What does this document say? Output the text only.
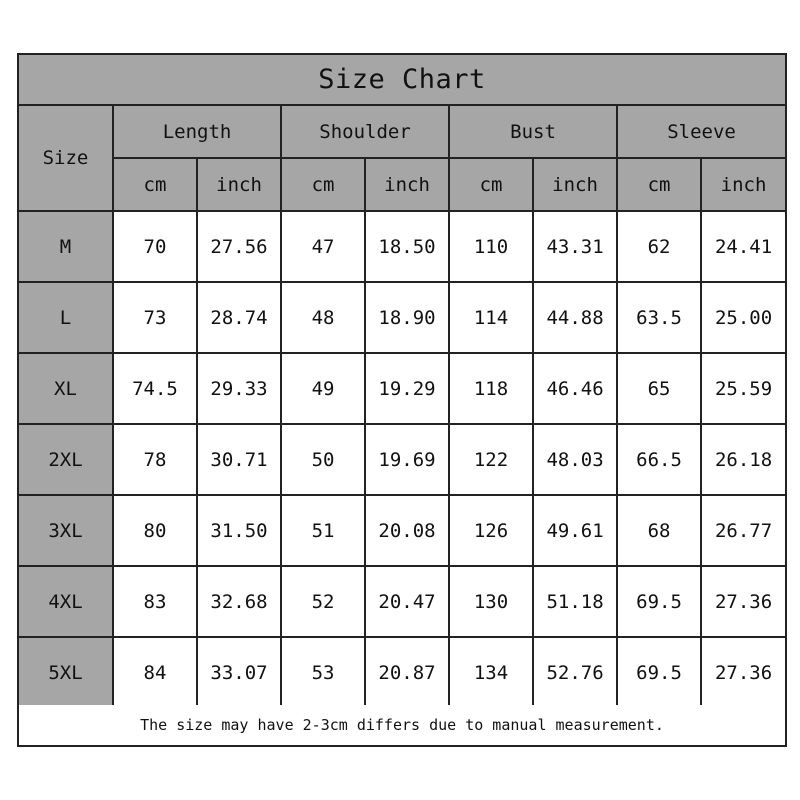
Size Chart
Size	Length		Shoulder		Bust		Sleeve	
	cm	inch	cm	inch	cm	inch	cm	inch
M	70	27.56	47	18.50	110	43.31	62	24.41
L	73	28.74	48	18.90	114	44.88	63.5	25.00
XL	74.5	29.33	49	19.29	118	46.46	65	25.59
2XL	78	30.71	50	19.69	122	48.03	66.5	26.18
3XL	80	31.50	51	20.08	126	49.61	68	26.77
4XL	83	32.68	52	20.47	130	51.18	69.5	27.36
5XL	84	33.07	53	20.87	134	52.76	69.5	27.36
The size may have 2-3cm differs due to manual measurement.
